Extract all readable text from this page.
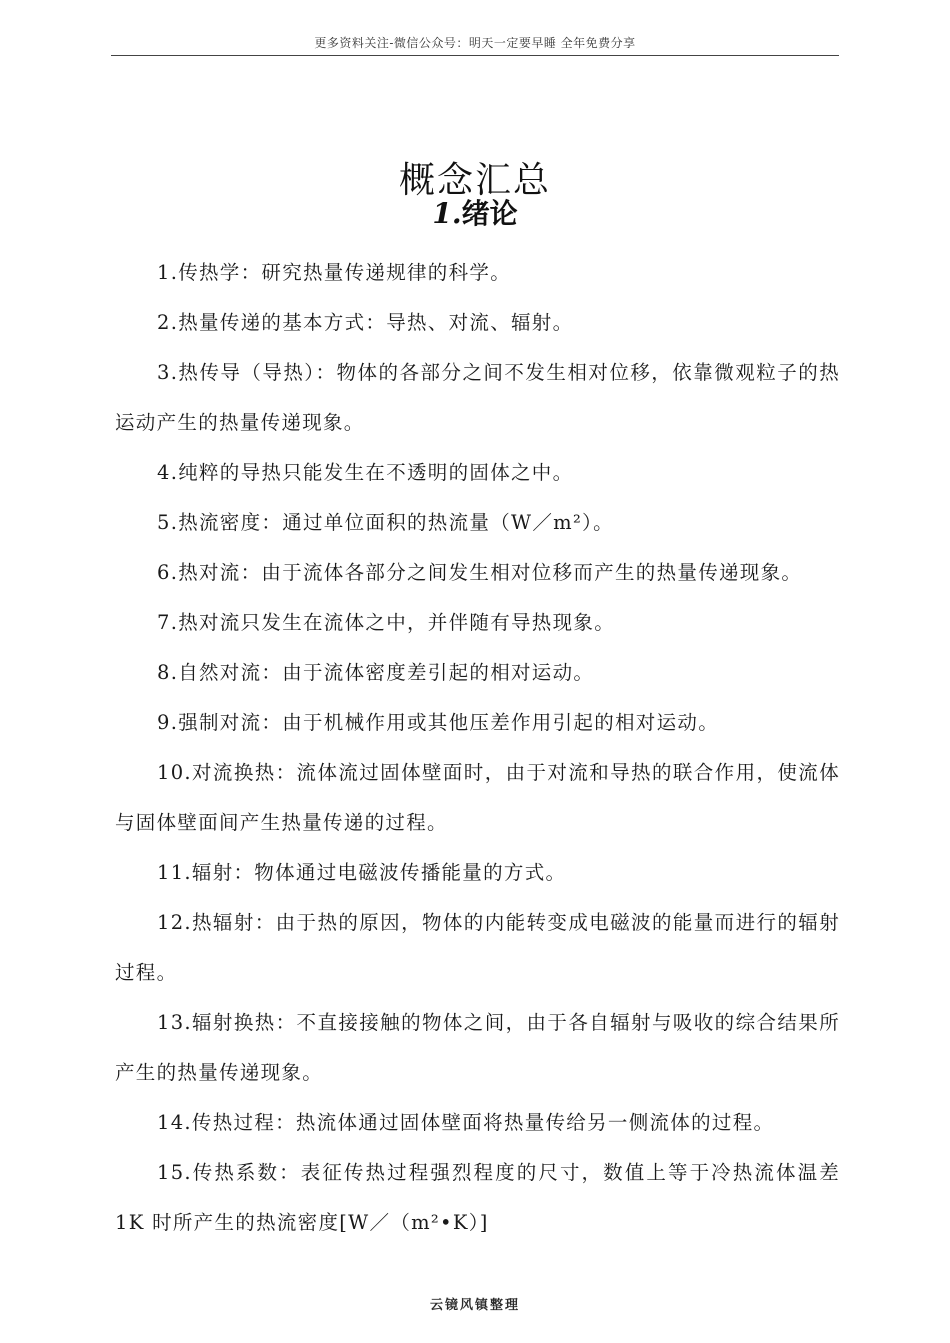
更多资料关注-微信公众号：明天一定要早睡 全年免费分享
概念汇总
1.绪论

1.传热学：研究热量传递规律的科学。

2.热量传递的基本方式：导热、对流、辐射。

3.热传导（导热）：物体的各部分之间不发生相对位移，依靠微观粒子的热运动产生的热量传递现象。

4.纯粹的导热只能发生在不透明的固体之中。

5.热流密度：通过单位面积的热流量（W／m²）。

6.热对流：由于流体各部分之间发生相对位移而产生的热量传递现象。

7.热对流只发生在流体之中，并伴随有导热现象。

8.自然对流：由于流体密度差引起的相对运动。

9.强制对流：由于机械作用或其他压差作用引起的相对运动。

10.对流换热：流体流过固体壁面时，由于对流和导热的联合作用，使流体与固体壁面间产生热量传递的过程。

11.辐射：物体通过电磁波传播能量的方式。

12.热辐射：由于热的原因，物体的内能转变成电磁波的能量而进行的辐射过程。

13.辐射换热：不直接接触的物体之间，由于各自辐射与吸收的综合结果所产生的热量传递现象。

14.传热过程：热流体通过固体壁面将热量传给另一侧流体的过程。

15.传热系数：表征传热过程强烈程度的尺寸，数值上等于冷热流体温差 1K 时所产生的热流密度[W／（m²•K）]

云镜风镇整理
